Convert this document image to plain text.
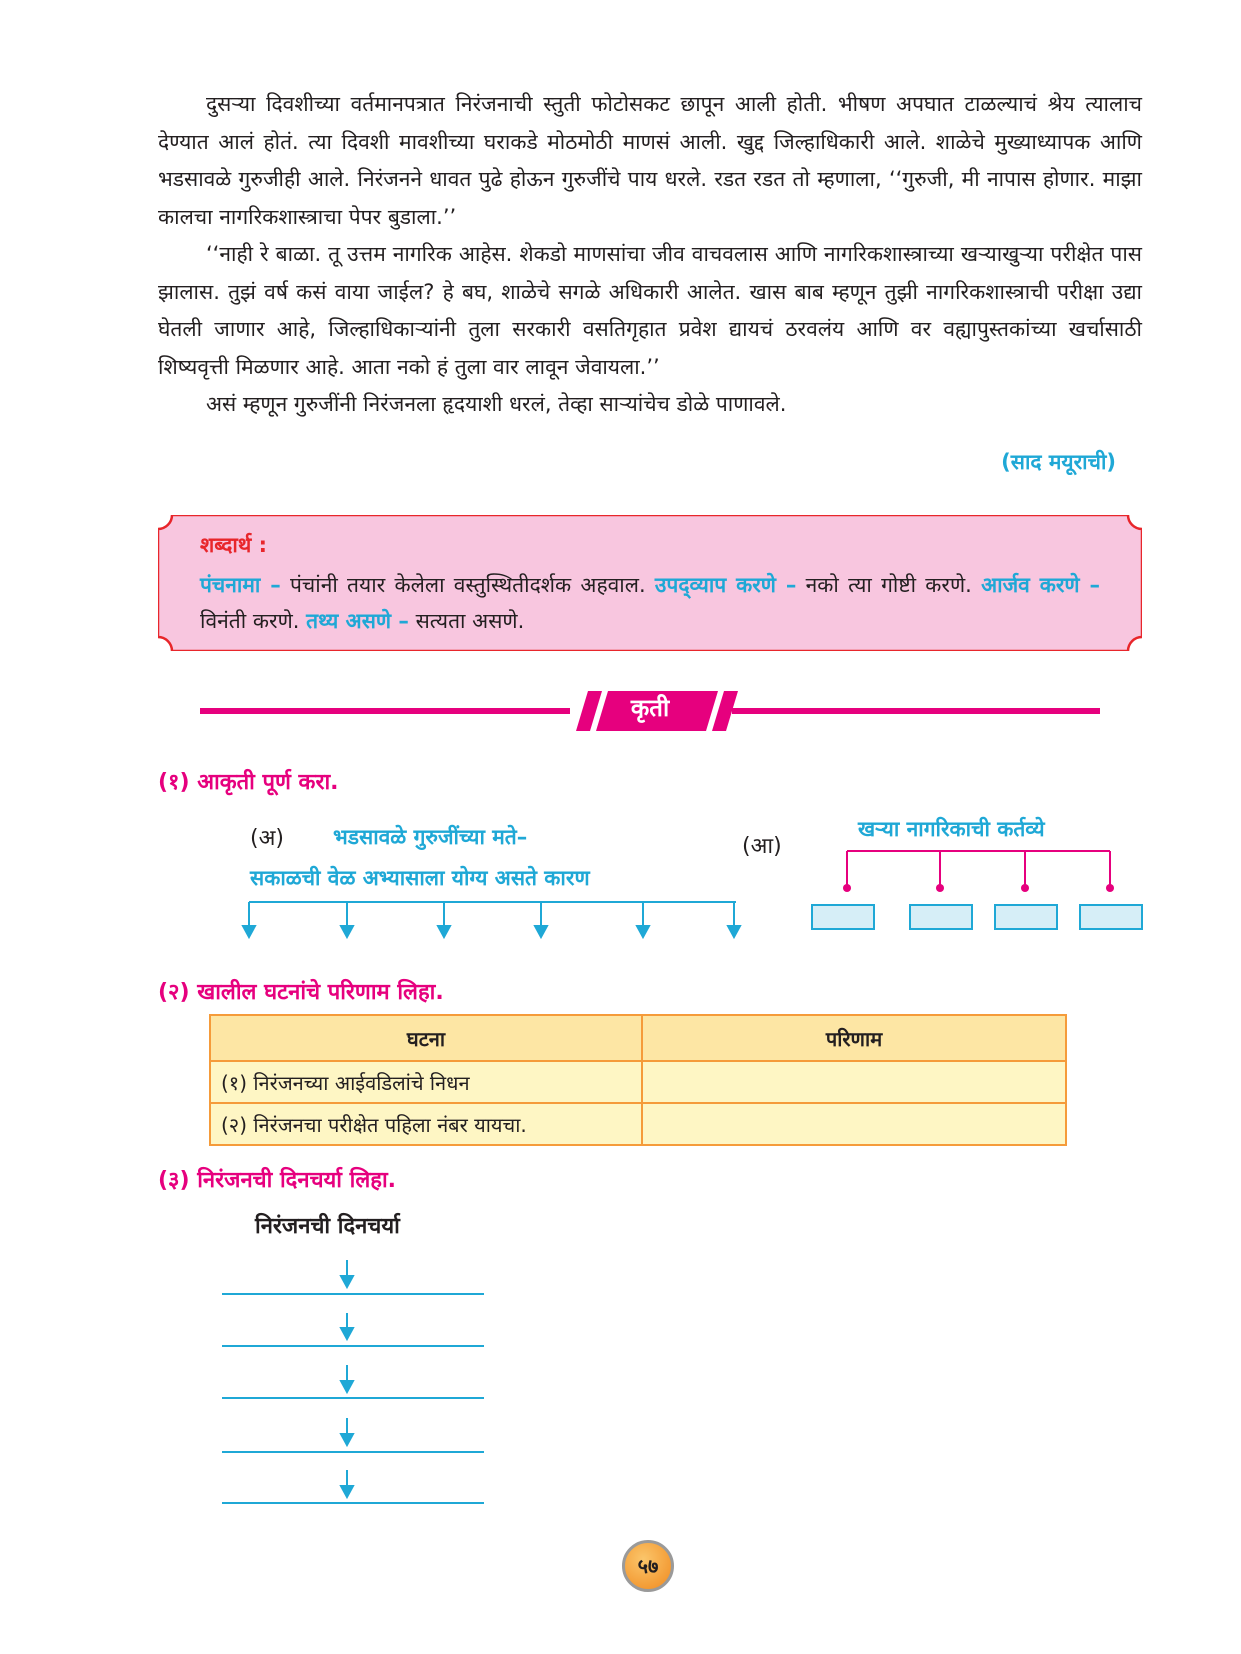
दुसऱ्या दिवशीच्या वर्तमानपत्रात निरंजनाची स्तुती फोटोसकट छापून आली होती. भीषण अपघात टाळल्याचं श्रेय त्यालाच देण्यात आलं होतं. त्या दिवशी मावशीच्या घराकडे मोठमोठी माणसं आली. खुद्द जिल्हाधिकारी आले. शाळेचे मुख्याध्यापक आणि भडसावळे गुरुजीही आले. निरंजनने धावत पुढे होऊन गुरुजींचे पाय धरले. रडत रडत तो म्हणाला, ‘‘गुरुजी, मी नापास होणार. माझा कालचा नागरिकशास्त्राचा पेपर बुडाला.’’

‘‘नाही रे बाळा. तू उत्तम नागरिक आहेस. शेकडो माणसांचा जीव वाचवलास आणि नागरिकशास्त्राच्या खऱ्याखुऱ्या परीक्षेत पास झालास. तुझं वर्ष कसं वाया जाईल? हे बघ, शाळेचे सगळे अधिकारी आलेत. खास बाब म्हणून तुझी नागरिकशास्त्राची परीक्षा उद्या घेतली जाणार आहे, जिल्हाधिकाऱ्यांनी तुला सरकारी वसतिगृहात प्रवेश द्यायचं ठरवलंय आणि वर वह्यापुस्तकांच्या खर्चासाठी शिष्यवृत्ती मिळणार आहे. आता नको हं तुला वार लावून जेवायला.’’

असं म्हणून गुरुजींनी निरंजनला हृदयाशी धरलं, तेव्हा साऱ्यांचेच डोळे पाणावले.

(साद मयूराची)
शब्दार्थ :
पंचनामा – पंचांनी तयार केलेला वस्तुस्थितीदर्शक अहवाल. उपद्‌व्याप करणे – नको त्या गोष्टी करणे. आर्जव करणे – विनंती करणे. तथ्य असणे – सत्यता असणे.
कृती
(१) आकृती पूर्ण करा.
(अ) भडसावळे गुरुजींच्या मते–
सकाळची वेळ अभ्यासाला योग्य असते कारण
(आ)
खऱ्या नागरिकाची कर्तव्ये
(२) खालील घटनांचे परिणाम लिहा.
घटना	परिणाम
(१) निरंजनच्या आईवडिलांचे निधन	
(२) निरंजनचा परीक्षेत पहिला नंबर यायचा.	
(३) निरंजनची दिनचर्या लिहा.
निरंजनची दिनचर्या
५७
